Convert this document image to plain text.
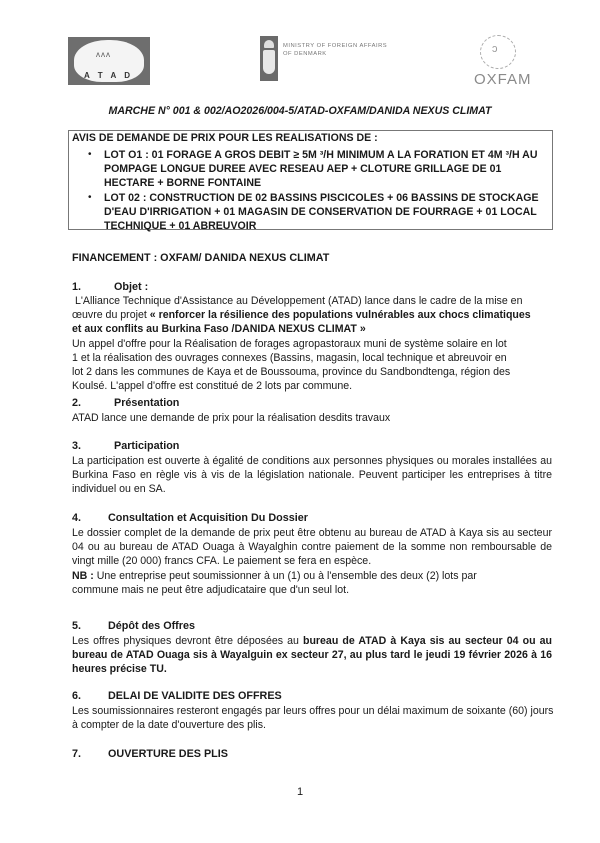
ᴧᴧᴧ
A T A D
MINISTRY OF FOREIGN AFFAIRS
OF DENMARK	ↄ
OXFAM
MARCHE N° 001 & 002/AO2026/004-5/ATAD-OXFAM/DANIDA NEXUS CLIMAT
AVIS DE DEMANDE DE PRIX POUR LES REALISATIONS DE :
• LOT O1 : 01 FORAGE A GROS DEBIT ≥ 5M ³/H MINIMUM A LA FORATION ET 4M ³/H AU
POMPAGE LONGUE DUREE AVEC RESEAU AEP + CLOTURE GRILLAGE DE 01
HECTARE + BORNE FONTAINE
• LOT 02 : CONSTRUCTION DE 02 BASSINS PISCICOLES + 06 BASSINS DE STOCKAGE
D'EAU D'IRRIGATION + 01 MAGASIN DE CONSERVATION DE FOURRAGE + 01 LOCAL
TECHNIQUE + 01 ABREUVOIR
FINANCEMENT : OXFAM/ DANIDA NEXUS CLIMAT
1.	Objet :
L'Alliance Technique d'Assistance au Développement (ATAD) lance dans le cadre de la mise en
œuvre du projet « renforcer la résilience des populations vulnérables aux chocs climatiques
et aux conflits au Burkina Faso /DANIDA NEXUS CLIMAT »
Un appel d'offre pour la Réalisation de forages agropastoraux muni de système solaire en lot
1 et la réalisation des ouvrages connexes (Bassins, magasin, local technique et abreuvoir en
lot 2 dans les communes de Kaya et de Boussouma, province du Sandbondtenga, région des
Koulsé. L'appel d'offre est constitué de 2 lots par commune.
2.	Présentation
ATAD lance une demande de prix pour la réalisation desdits travaux
3.	Participation
La participation est ouverte à égalité de conditions aux personnes physiques ou morales installées au Burkina Faso en règle vis à vis de la législation nationale. Peuvent participer les entreprises à titre individuel ou en SA.
4. Consultation et Acquisition Du Dossier
Le dossier complet de la demande de prix peut être obtenu au bureau de ATAD à Kaya sis au secteur 04 ou au bureau de ATAD Ouaga à Wayalghin contre paiement de la somme non remboursable de vingt mille (20 000) francs CFA. Le paiement se fera en espèce.
NB : Une entreprise peut soumissionner à un (1) ou à l'ensemble des deux (2) lots par
commune mais ne peut être adjudicataire que d'un seul lot.
5. Dépôt des Offres
Les offres physiques devront être déposées au bureau de ATAD à Kaya sis au secteur 04 ou au bureau de ATAD Ouaga sis à Wayalguin ex secteur 27, au plus tard le jeudi 19 février 2026 à 16 heures précise TU.
6. DELAI DE VALIDITE DES OFFRES
Les soumissionnaires resteront engagés par leurs offres pour un délai maximum de soixante (60) jours à compter de la date d'ouverture des plis.
7. OUVERTURE DES PLIS
1
